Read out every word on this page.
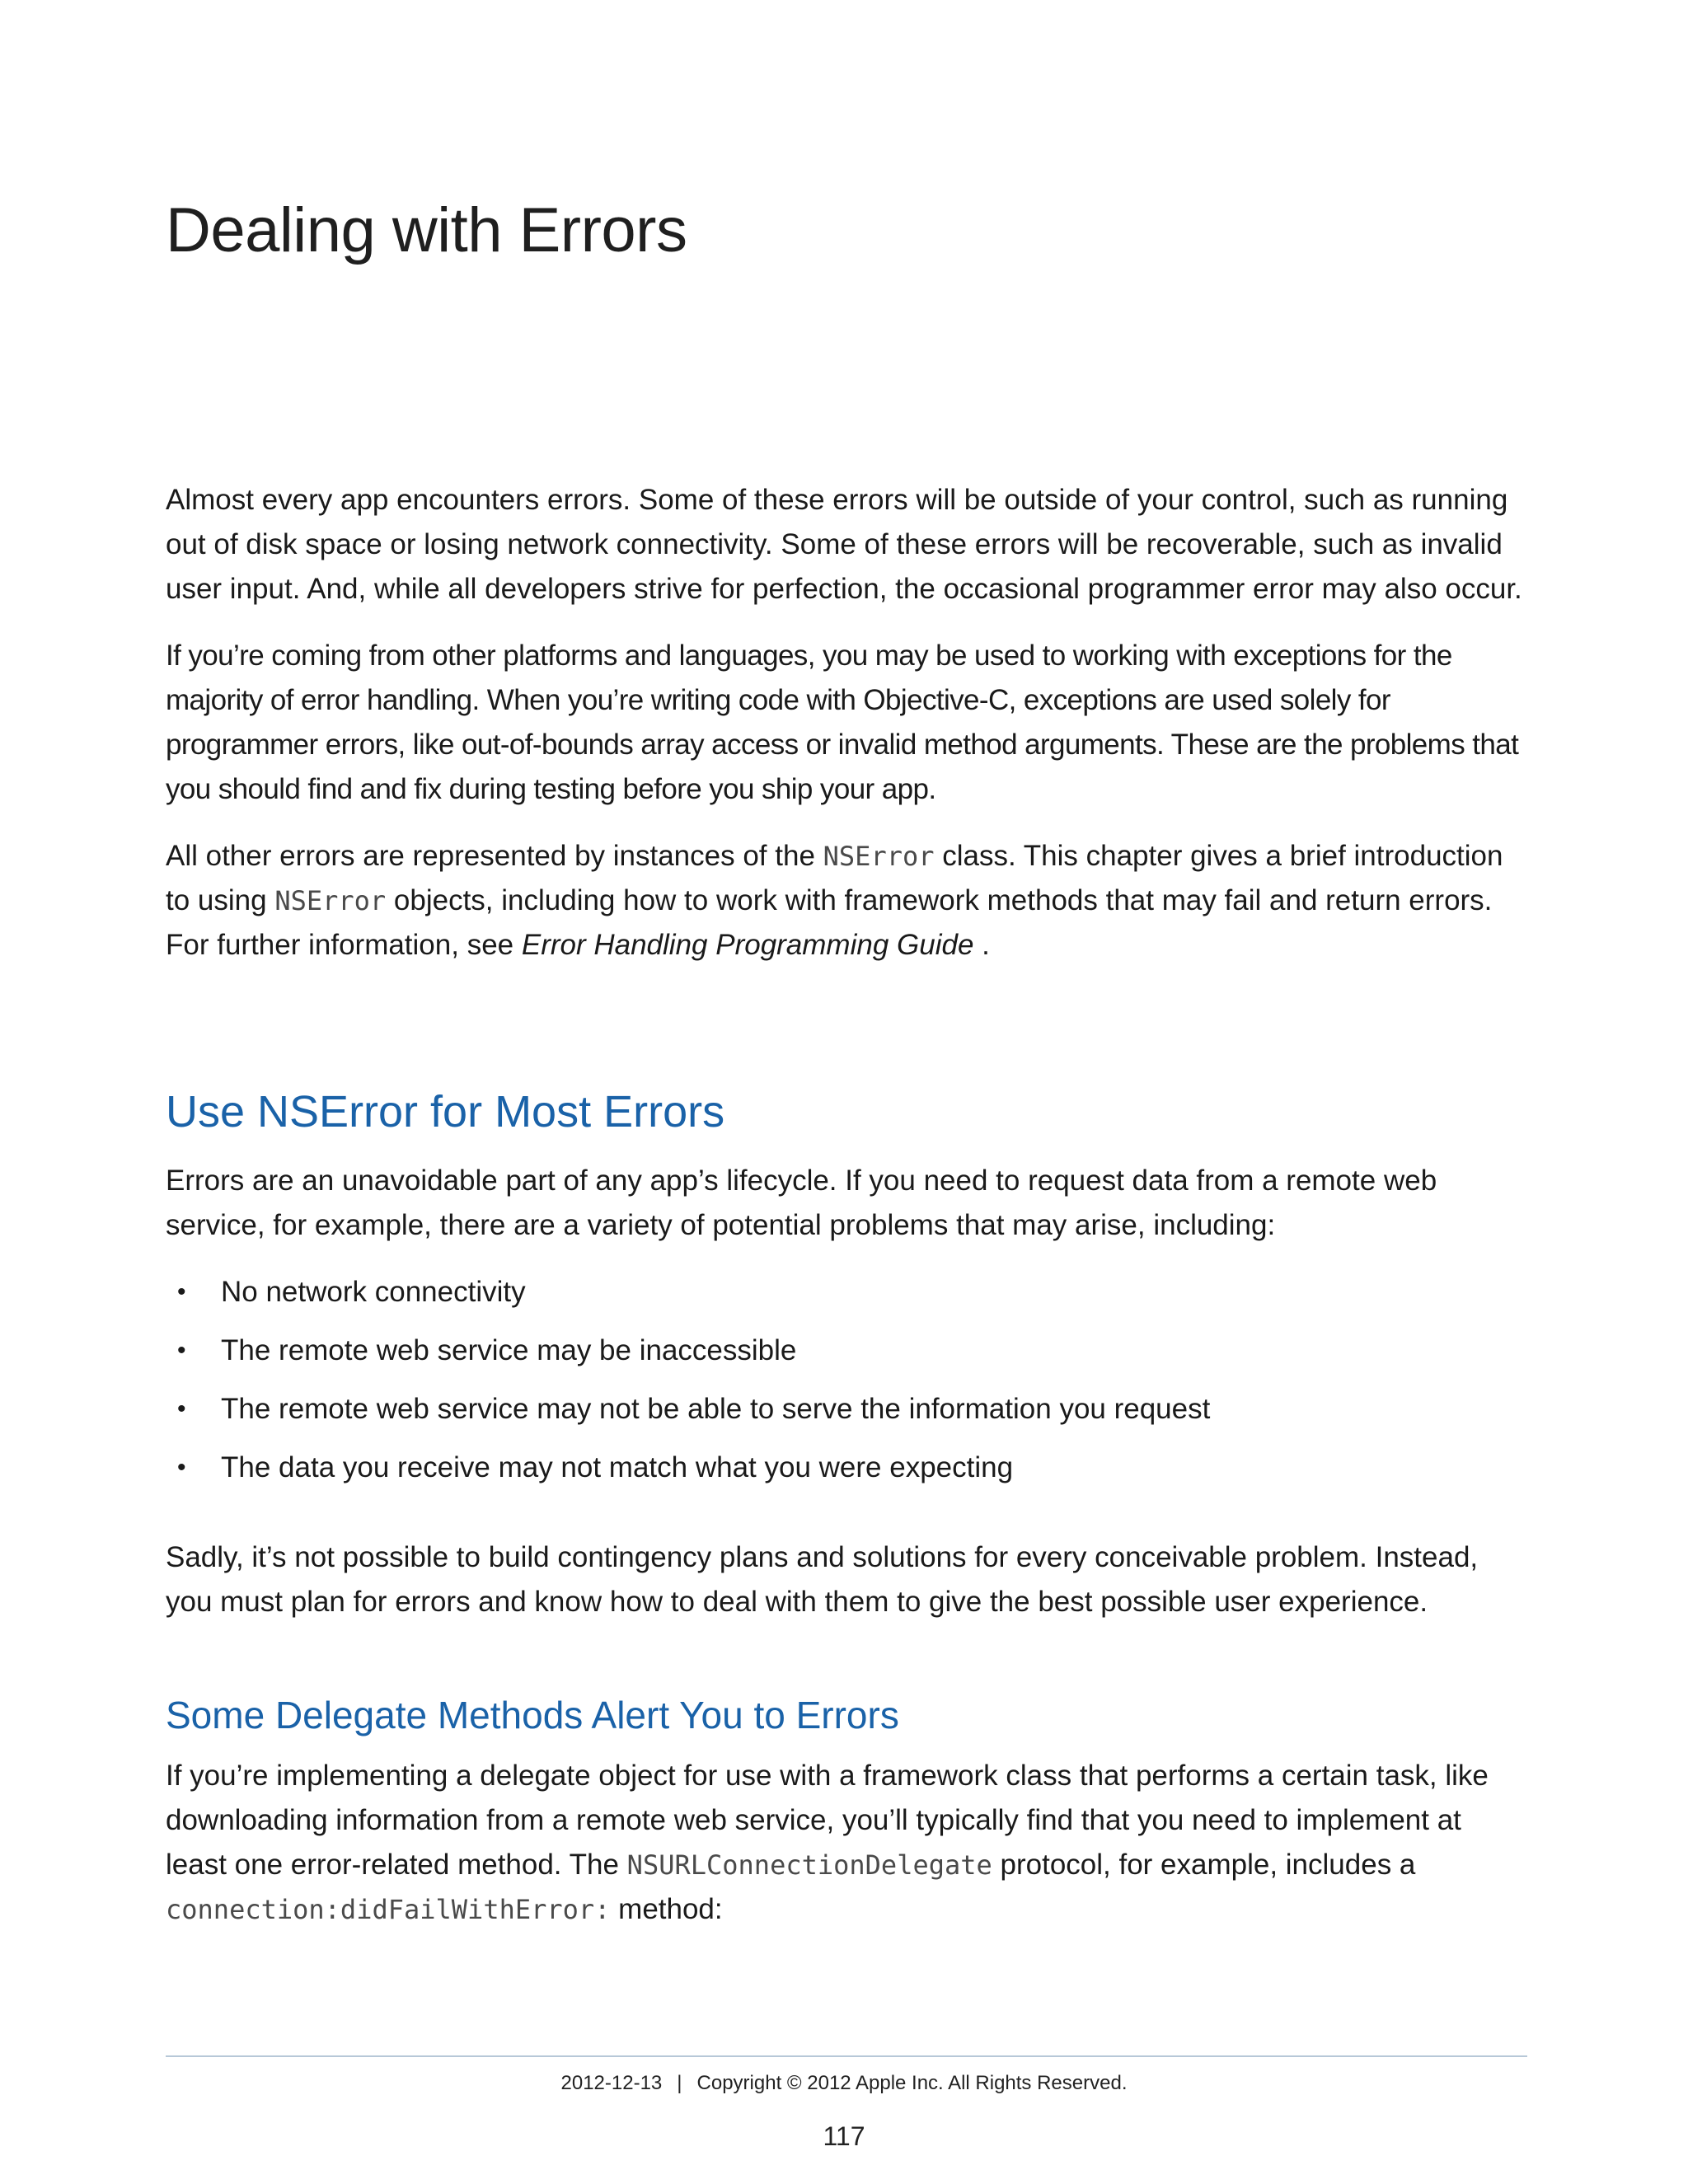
Dealing with Errors

Almost every app encounters errors. Some of these errors will be outside of your control, such as running out of disk space or losing network connectivity. Some of these errors will be recoverable, such as invalid user input. And, while all developers strive for perfection, the occasional programmer error may also occur.

If you’re coming from other platforms and languages, you may be used to working with exceptions for the majority of error handling. When you’re writing code with Objective-C, exceptions are used solely for programmer errors, like out-of-bounds array access or invalid method arguments. These are the problems that you should find and fix during testing before you ship your app.

All other errors are represented by instances of the NSError class. This chapter gives a brief introduction to using NSError objects, including how to work with framework methods that may fail and return errors. For further information, see Error Handling Programming Guide .

Use NSError for Most Errors

Errors are an unavoidable part of any app’s lifecycle. If you need to request data from a remote web service, for example, there are a variety of potential problems that may arise, including:

• No network connectivity
• The remote web service may be inaccessible
• The remote web service may not be able to serve the information you request
• The data you receive may not match what you were expecting

Sadly, it’s not possible to build contingency plans and solutions for every conceivable problem. Instead, you must plan for errors and know how to deal with them to give the best possible user experience.

Some Delegate Methods Alert You to Errors

If you’re implementing a delegate object for use with a framework class that performs a certain task, like downloading information from a remote web service, you’ll typically find that you need to implement at least one error-related method. The NSURLConnectionDelegate protocol, for example, includes a connection:didFailWithError: method:

2012-12-13 | Copyright © 2012 Apple Inc. All Rights Reserved.
117
